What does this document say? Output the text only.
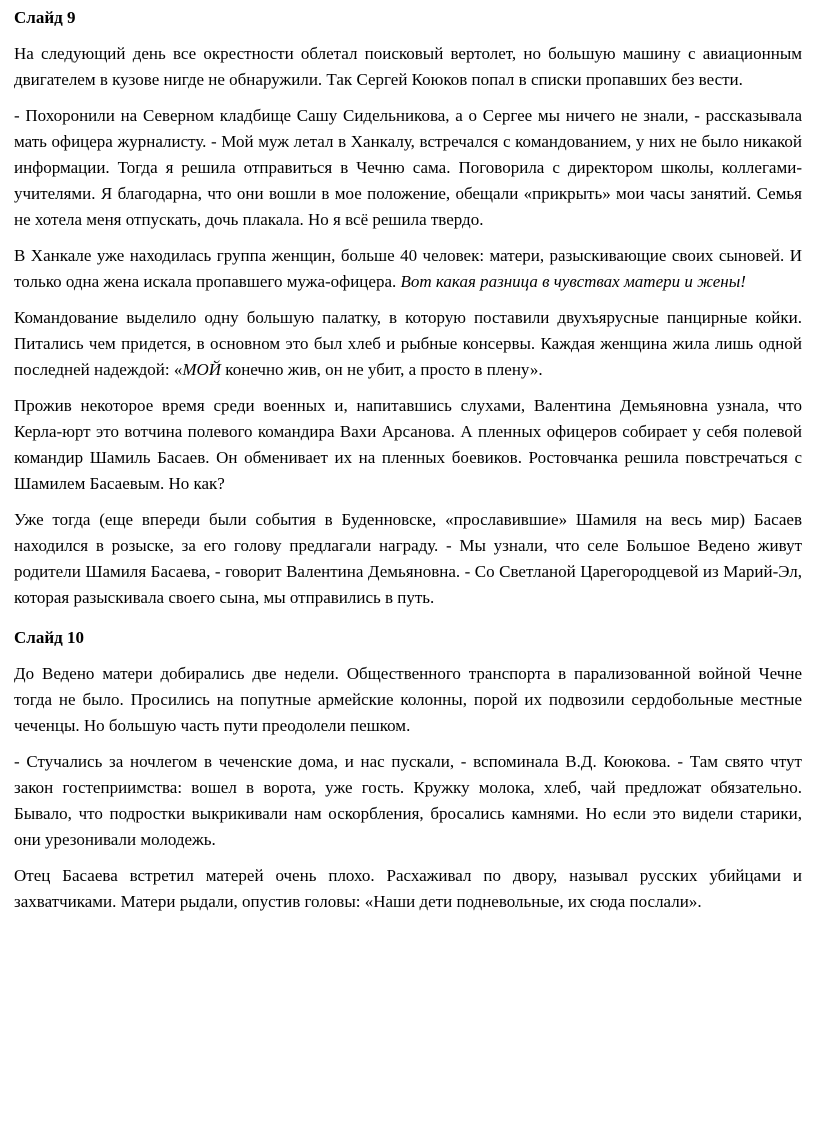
Слайд 9

На следующий день все окрестности облетал поисковый вертолет, но большую машину с авиационным двигателем в кузове нигде не обнаружили. Так Сергей Коюков попал в списки пропавших без вести.

- Похоронили на Северном кладбище Сашу Сидельникова, а о Сергее мы ничего не знали, - рассказывала мать офицера журналисту. - Мой муж летал в Ханкалу, встречался с командованием, у них не было никакой информации. Тогда я решила отправиться в Чечню сама. Поговорила с директором школы, коллегами-учителями. Я благодарна, что они вошли в мое положение, обещали «прикрыть» мои часы занятий. Семья не хотела меня отпускать, дочь плакала. Но я всё решила твердо.

В Ханкале уже находилась группа женщин, больше 40 человек: матери, разыскивающие своих сыновей. И только одна жена искала пропавшего мужа-офицера. Вот какая разница в чувствах матери и жены!

Командование выделило одну большую палатку, в которую поставили двухъярусные панцирные койки. Питались чем придется, в основном это был хлеб и рыбные консервы. Каждая женщина жила лишь одной последней надеждой: «МОЙ конечно жив, он не убит, а просто в плену».

Прожив некоторое время среди военных и, напитавшись слухами, Валентина Демьяновна узнала, что Керла-юрт это вотчина полевого командира Вахи Арсанова. А пленных офицеров собирает у себя полевой командир Шамиль Басаев. Он обменивает их на пленных боевиков. Ростовчанка решила повстречаться с Шамилем Басаевым. Но как?

Уже тогда (еще впереди были события в Буденновске, «прославившие» Шамиля на весь мир) Басаев находился в розыске, за его голову предлагали награду. - Мы узнали, что селе Большое Ведено живут родители Шамиля Басаева, - говорит Валентина Демьяновна. - Со Светланой Царегородцевой из Марий-Эл, которая разыскивала своего сына, мы отправились в путь.

Слайд 10

До Ведено матери добирались две недели. Общественного транспорта в парализованной войной Чечне тогда не было. Просились на попутные армейские колонны, порой их подвозили сердобольные местные чеченцы. Но большую часть пути преодолели пешком.

- Стучались за ночлегом в чеченские дома, и нас пускали, - вспоминала В.Д. Коюкова. - Там свято чтут закон гостеприимства: вошел в ворота, уже гость. Кружку молока, хлеб, чай предложат обязательно. Бывало, что подростки выкрикивали нам оскорбления, бросались камнями. Но если это видели старики, они урезонивали молодежь.

Отец Басаева встретил матерей очень плохо. Расхаживал по двору, называл русских убийцами и захватчиками. Матери рыдали, опустив головы: «Наши дети подневольные, их сюда послали».
